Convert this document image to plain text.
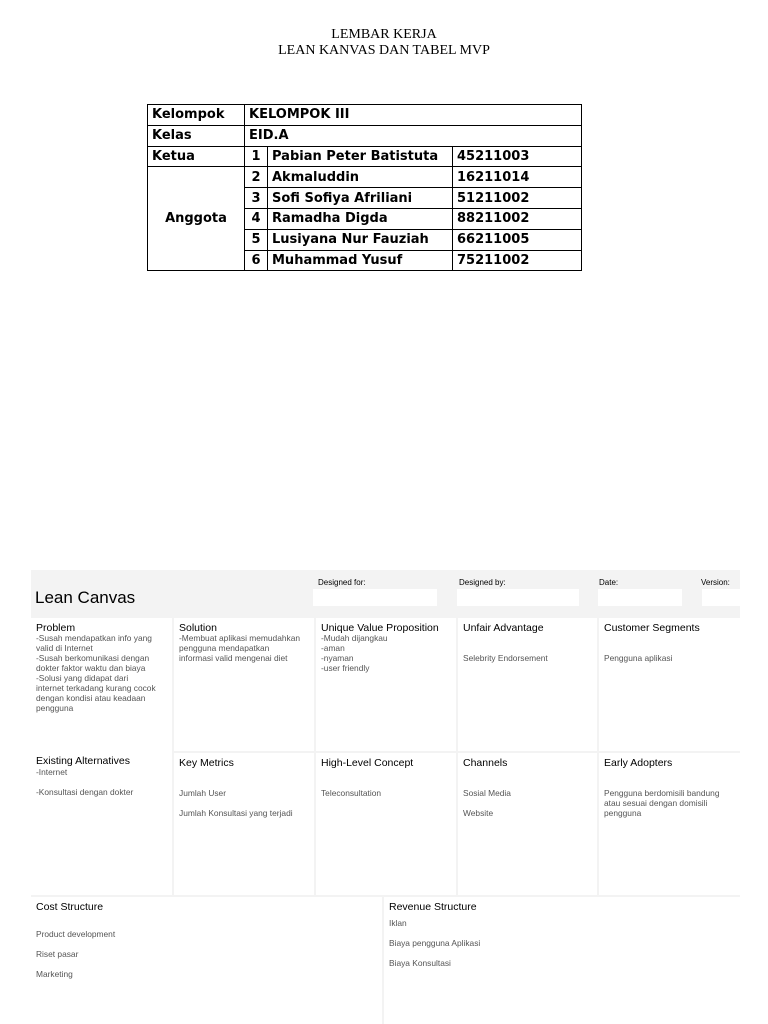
LEMBAR KERJA
LEAN KANVAS DAN TABEL MVP
Kelompok	KELOMPOK III		
Kelas	EID.A		
Ketua	1	Pabian Peter Batistuta	45211003
Anggota	2	Akmaluddin	16211014
	3	Sofi Sofiya Afriliani	51211002
	4	Ramadha Digda	88211002
	5	Lusiyana Nur Fauziah	66211005
	6	Muhammad Yusuf	75211002
Lean Canvas
Designed for:	Designed by:	Date:	Version:
Problem
-Susah mendapatkan info yang
valid di Internet
-Susah berkomunikasi dengan
dokter faktor waktu dan biaya
-Solusi yang didapat dari
internet terkadang kurang cocok
dengan kondisi atau keadaan
pengguna
Existing Alternatives
-Internet

-Konsultasi dengan dokter
Solution
-Membuat aplikasi memudahkan
pengguna mendapatkan
informasi valid mengenai diet
Key Metrics
Jumlah User

Jumlah Konsultasi yang terjadi
Unique Value Proposition
-Mudah dijangkau
-aman
-nyaman
-user friendly
High-Level Concept
Teleconsultation
Unfair Advantage
Selebrity Endorsement
Channels
Sosial Media

Website
Customer Segments
Pengguna aplikasi
Early Adopters
Pengguna berdomisili bandung
atau sesuai dengan domisili
pengguna
Cost Structure
Product development

Riset pasar

Marketing
Revenue Structure
Iklan

Biaya pengguna Aplikasi

Biaya Konsultasi
